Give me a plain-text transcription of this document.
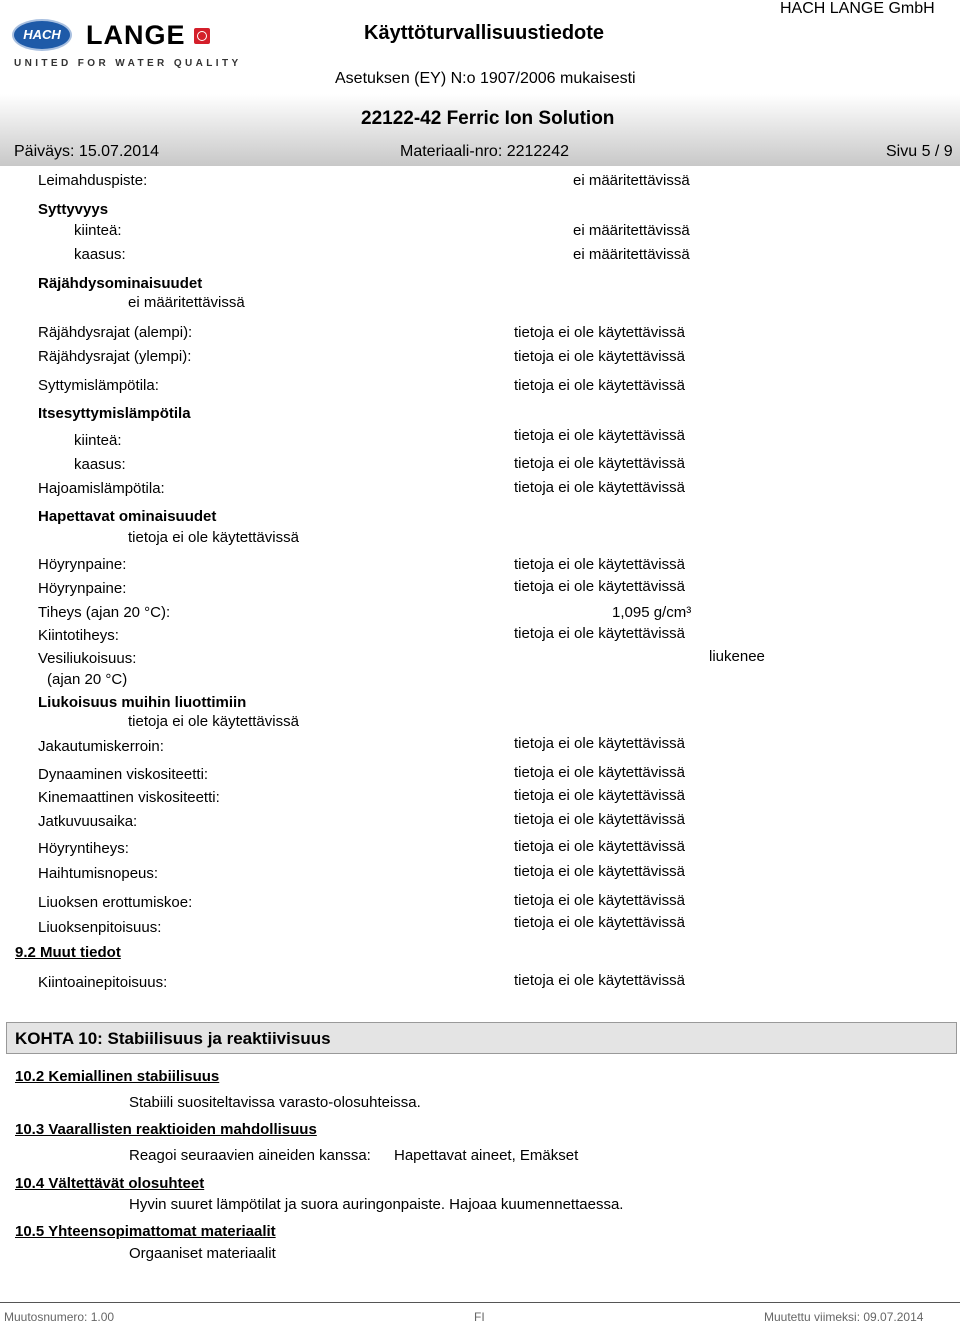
HACH LANGE
UNITED FOR WATER QUALITY
Käyttöturvallisuustiedote
HACH LANGE GmbH
Asetuksen (EY) N:o 1907/2006 mukaisesti
22122-42 Ferric Ion Solution
Päiväys: 15.07.2014	Materiaali-nro: 2212242	Sivu 5 / 9
Leimahduspiste:	ei määritettävissä
Syttyvyys
kiinteä:	ei määritettävissä
kaasus:	ei määritettävissä
Räjähdysominaisuudet
ei määritettävissä
Räjähdysrajat (alempi):	tietoja ei ole käytettävissä
Räjähdysrajat (ylempi):	tietoja ei ole käytettävissä
Syttymislämpötila:	tietoja ei ole käytettävissä
Itsesyttymislämpötila
kiinteä:	tietoja ei ole käytettävissä
kaasus:	tietoja ei ole käytettävissä
Hajoamislämpötila:	tietoja ei ole käytettävissä
Hapettavat ominaisuudet
tietoja ei ole käytettävissä
Höyrynpaine:	tietoja ei ole käytettävissä
Höyrynpaine:	tietoja ei ole käytettävissä
Tiheys (ajan 20 °C):	1,095 g/cm³
Kiintotiheys:	tietoja ei ole käytettävissä
Vesiliukoisuus:	liukenee
(ajan 20 °C)
Liukoisuus muihin liuottimiin
tietoja ei ole käytettävissä
Jakautumiskerroin:	tietoja ei ole käytettävissä
Dynaaminen viskositeetti:	tietoja ei ole käytettävissä
Kinemaattinen viskositeetti:	tietoja ei ole käytettävissä
Jatkuvuusaika:	tietoja ei ole käytettävissä
Höyryntiheys:	tietoja ei ole käytettävissä
Haihtumisnopeus:	tietoja ei ole käytettävissä
Liuoksen erottumiskoe:	tietoja ei ole käytettävissä
Liuoksenpitoisuus:	tietoja ei ole käytettävissä
9.2 Muut tiedot
Kiintoainepitoisuus:	tietoja ei ole käytettävissä
KOHTA 10: Stabiilisuus ja reaktiivisuus
10.2 Kemiallinen stabiilisuus
Stabiili suositeltavissa varasto-olosuhteissa.
10.3 Vaarallisten reaktioiden mahdollisuus
Reagoi seuraavien aineiden kanssa: Hapettavat aineet, Emäkset
10.4 Vältettävät olosuhteet
Hyvin suuret lämpötilat ja suora auringonpaiste. Hajoaa kuumennettaessa.
10.5 Yhteensopimattomat materiaalit
Orgaaniset materiaalit
Muutosnumero: 1.00	FI	Muutettu viimeksi: 09.07.2014
